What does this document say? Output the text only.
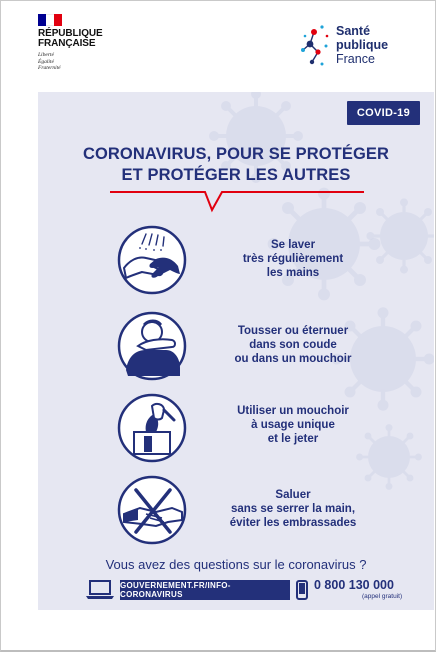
RÉPUBLIQUE
FRANÇAISE
Liberté
Égalité
Fraternité
Santé
publique
France
COVID-19
CORONAVIRUS, POUR SE PROTÉGER
ET PROTÉGER LES AUTRES
Se laver
très régulièrement
les mains
Tousser ou éternuer
dans son coude
ou dans un mouchoir
Utiliser un mouchoir
à usage unique
et le jeter
Saluer
sans se serrer la main,
éviter les embrassades
Vous avez des questions sur le coronavirus ?
GOUVERNEMENT.FR/INFO-CORONAVIRUS
0 800 130 000
(appel gratuit)
